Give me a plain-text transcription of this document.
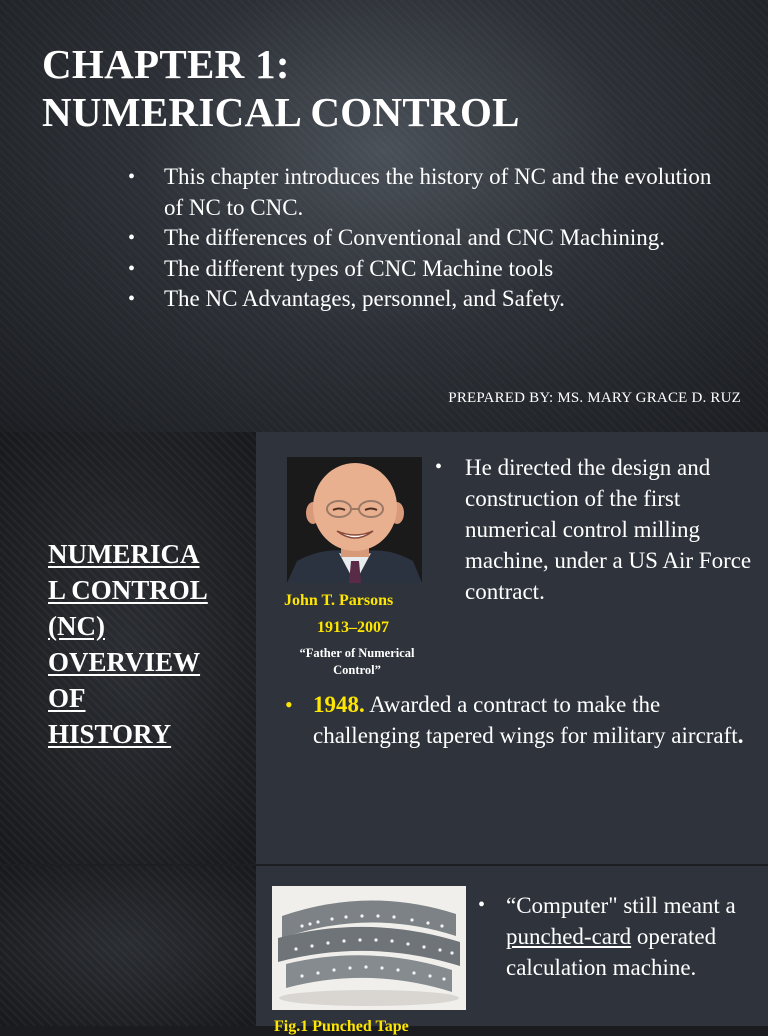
CHAPTER 1:
NUMERICAL CONTROL
• This chapter introduces the history of NC and the evolution of NC to CNC.
• The differences of Conventional and CNC Machining.
• The different types of CNC Machine tools
• The NC Advantages, personnel, and Safety.
PREPARED BY: MS. MARY GRACE D. RUZ
NUMERICA
L CONTROL
(NC)
OVERVIEW
OF
HISTORY
John T. Parsons
1913–2007
“Father of Numerical Control”
• He directed the design and construction of the first numerical control milling machine, under a US Air Force contract.
• 1948. Awarded a contract to make the challenging tapered wings for military aircraft.
Fig.1 Punched Tape
• “Computer" still meant a punched-card operated calculation machine.
